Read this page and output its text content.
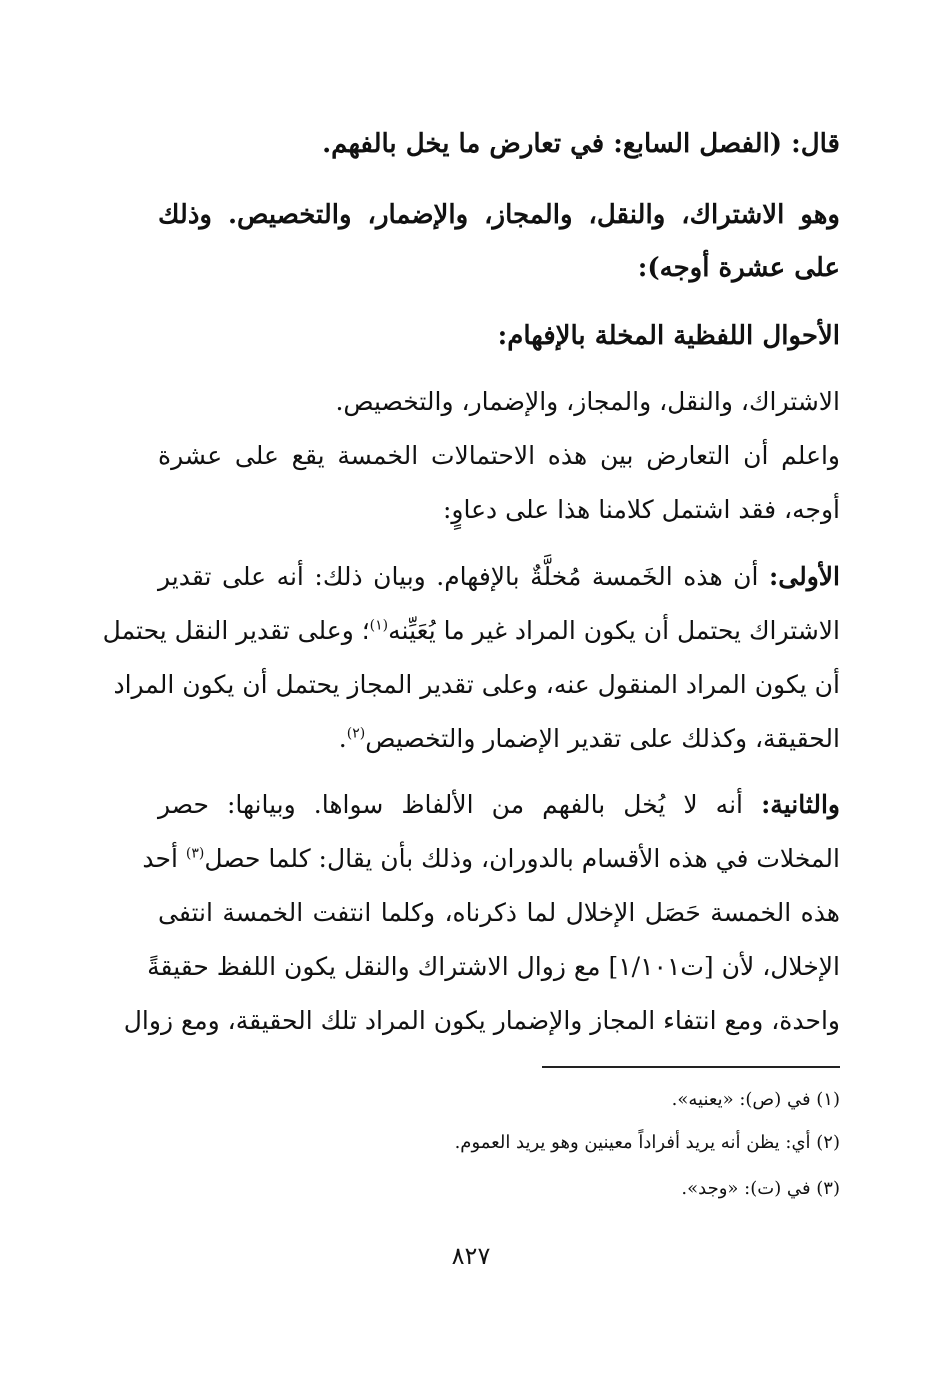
قال: (الفصل السابع: في تعارض ما يخل بالفهم.
وهو الاشتراك، والنقل، والمجاز، والإضمار، والتخصيص. وذلك
على عشرة أوجه):
الأحوال اللفظية المخلة بالإفهام:
الاشتراك، والنقل، والمجاز، والإضمار، والتخصيص.
واعلم أن التعارض بين هذه الاحتمالات الخمسة يقع على عشرة
أوجه، فقد اشتمل كلامنا هذا على دعاوٍ:
الأولى: أن هذه الخَمسة مُخلَّةٌ بالإفهام. وبيان ذلك: أنه على تقدير
الاشتراك يحتمل أن يكون المراد غير ما يُعَيِّنه$^{(١)}$؛ وعلى تقدير النقل يحتمل
أن يكون المراد المنقول عنه، وعلى تقدير المجاز يحتمل أن يكون المراد
الحقيقة، وكذلك على تقدير الإضمار والتخصيص$^{(٢)}$.
والثانية: أنه لا يُخل بالفهم من الألفاظ سواها. وبيانها: حصر
المخلات في هذه الأقسام بالدوران، وذلك بأن يقال: كلما حصل$^{(٣)}$ أحد
هذه الخمسة حَصَل الإخلال لما ذكرناه، وكلما انتفت الخمسة انتفى
الإخلال، لأن [ت١/١٠١] مع زوال الاشتراك والنقل يكون اللفظ حقيقةً
واحدة، ومع انتفاء المجاز والإضمار يكون المراد تلك الحقيقة، ومع زوال
(١) في (ص): «يعنيه».
(٢) أي: يظن أنه يريد أفراداً معينين وهو يريد العموم.
(٣) في (ت): «وجد».
٨٢٧
